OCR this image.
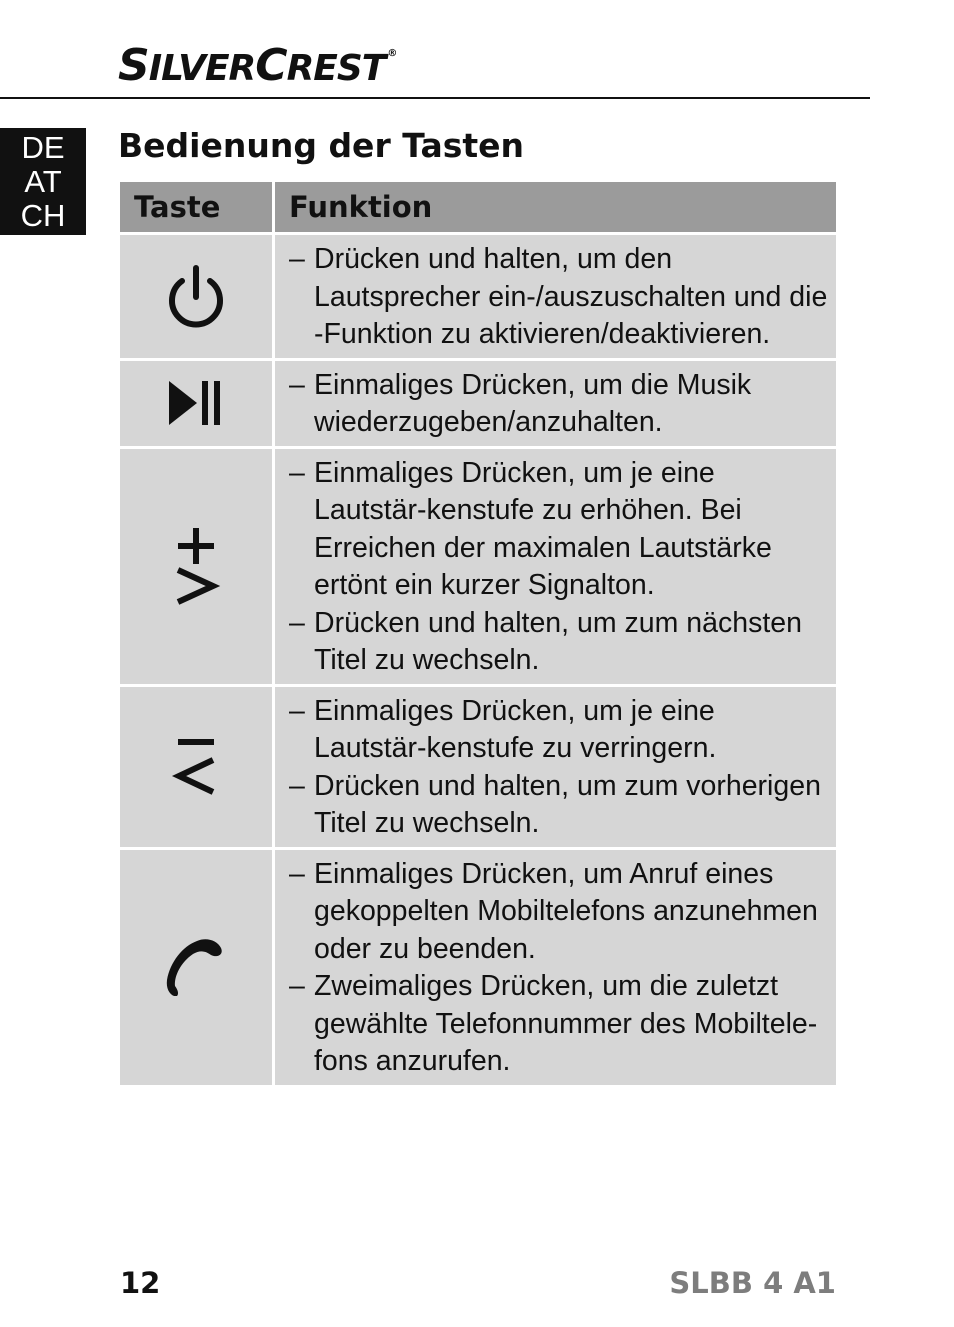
SILVERCREST ®
DE
AT
CH
Bedienung der Tasten
Taste	Funktion

– Drücken und halten, um den Lautsprecher ein-/auszuschalten und die -Funktion zu aktivieren/deaktivieren.

– Einmaliges Drücken, um die Musik wiederzugeben/anzuhalten.

– Einmaliges Drücken, um je eine Lautstär-kenstufe zu erhöhen. Bei Erreichen der maximalen Lautstärke ertönt ein kurzer Signalton.
– Drücken und halten, um zum nächsten Titel zu wechseln.

– Einmaliges Drücken, um je eine Lautstär-kenstufe zu verringern.
– Drücken und halten, um zum vorherigen Titel zu wechseln.

– Einmaliges Drücken, um Anruf eines gekoppelten Mobiltelefons anzunehmen oder zu beenden.
– Zweimaliges Drücken, um die zuletzt gewählte Telefonnummer des Mobiltele-fons anzurufen.
12	SLBB 4 A1
